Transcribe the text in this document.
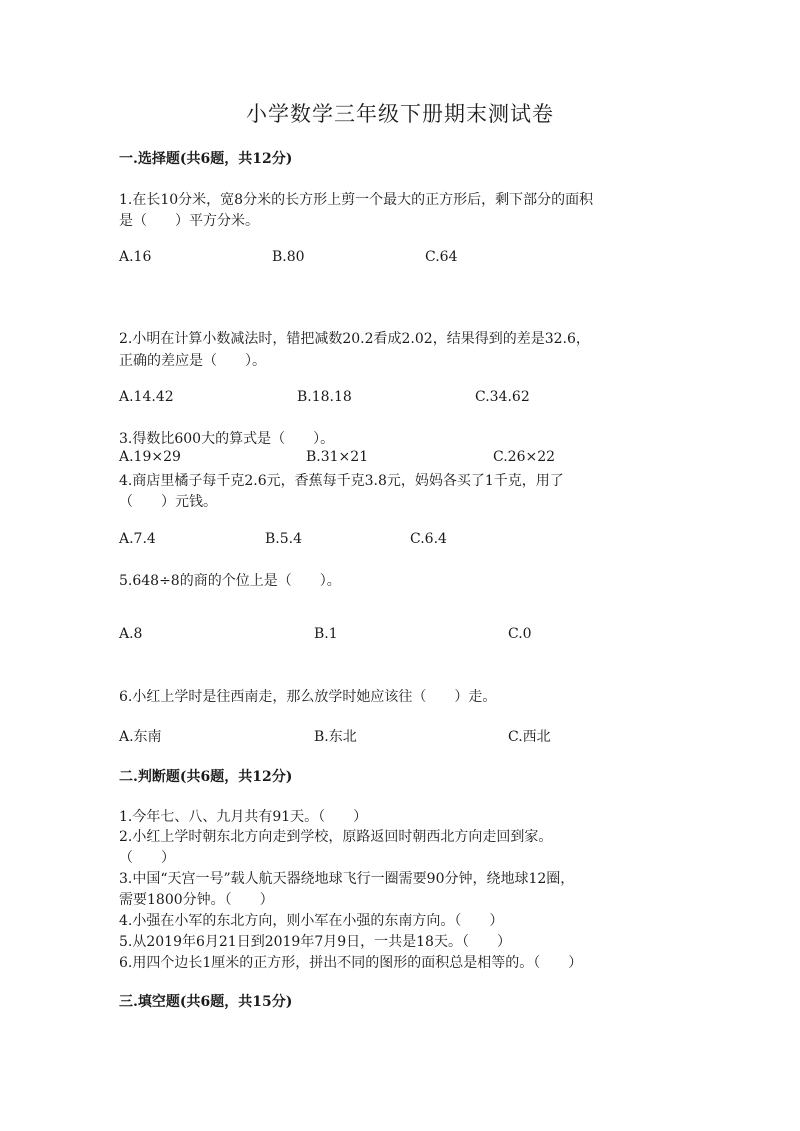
小学数学三年级下册期末测试卷
一.选择题(共6题，共12分)
1.在长10分米，宽8分米的长方形上剪一个最大的正方形后，剩下部分的面积
是（　　）平方分米。
A.16	B.80	C.64
2.小明在计算小数减法时，错把减数20.2看成2.02，结果得到的差是32.6，
正确的差应是（　　）。
A.14.42	B.18.18	C.34.62
3.得数比600大的算式是（　　）。
A.19×29	B.31×21	C.26×22
4.商店里橘子每千克2.6元，香蕉每千克3.8元，妈妈各买了1千克，用了
（　　）元钱。
A.7.4	B.5.4	C.6.4
5.648÷8的商的个位上是（　　）。
A.8	B.1	C.0
6.小红上学时是往西南走，那么放学时她应该往（　　）走。
A.东南	B.东北	C.西北
二.判断题(共6题，共12分)
1.今年七、八、九月共有91天。（　　）
2.小红上学时朝东北方向走到学校，原路返回时朝西北方向走回到家。
（　　）
3.中国“天宫一号”载人航天器绕地球飞行一圈需要90分钟，绕地球12圈，
需要1800分钟。（　　）
4.小强在小军的东北方向，则小军在小强的东南方向。（　　）
5.从2019年6月21日到2019年7月9日，一共是18天。（　　）
6.用四个边长1厘米的正方形，拼出不同的图形的面积总是相等的。（　　）
三.填空题(共6题，共15分)
